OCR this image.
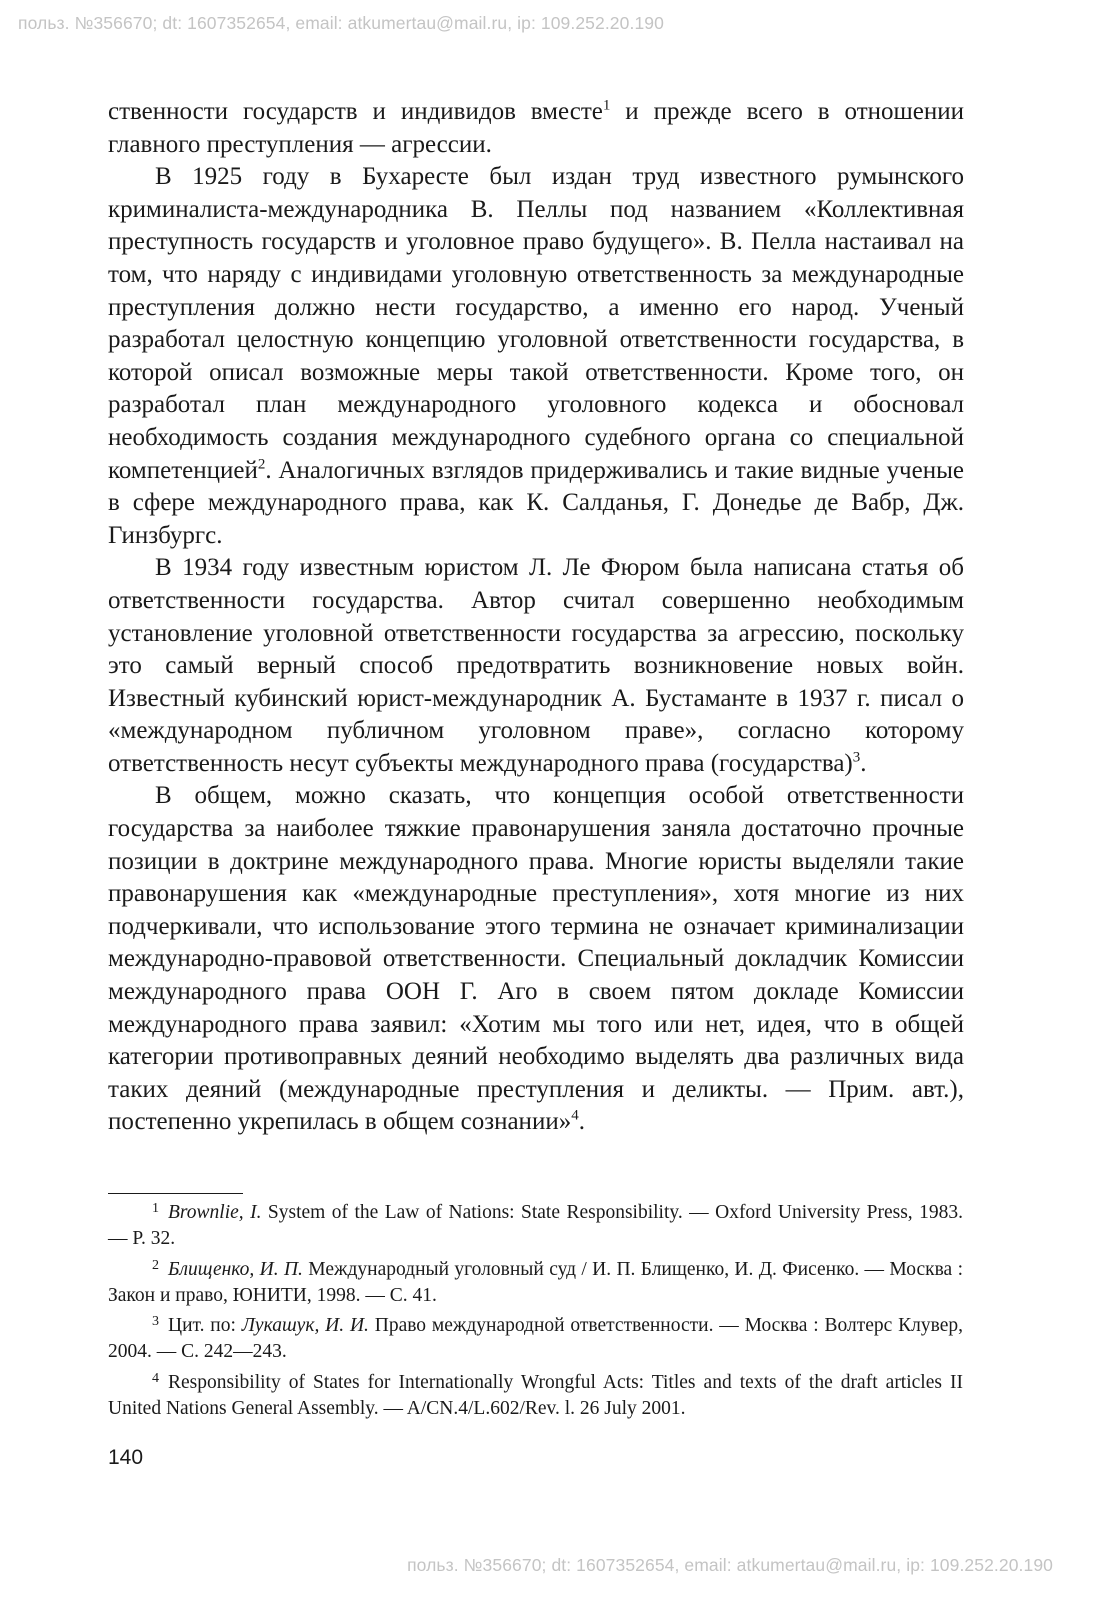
польз. №356670; dt: 1607352654, email: atkumertau@mail.ru, ip: 109.252.20.190

ственности государств и индивидов вместе$^1$ и прежде всего в отношении главного преступления — агрессии.

В 1925 году в Бухаресте был издан труд известного румынского криминалиста-международника В. Пеллы под названием «Коллективная преступность государств и уголовное право будущего». В. Пелла настаивал на том, что наряду с индивидами уголовную ответственность за международные преступления должно нести государство, а именно его народ. Ученый разработал целостную концепцию уголовной ответственности государства, в которой описал возможные меры такой ответственности. Кроме того, он разработал план международного уголовного кодекса и обосновал необходимость создания международного судебного органа со специальной компетенцией$^2$. Аналогичных взглядов придерживались и такие видные ученые в сфере международного права, как К. Салданья, Г. Донедье де Вабр, Дж. Гинзбургс.

В 1934 году известным юристом Л. Ле Фюром была написана статья об ответственности государства. Автор считал совершенно необходимым установление уголовной ответственности государства за агрессию, поскольку это самый верный способ предотвратить возникновение новых войн. Известный кубинский юрист-международник А. Бустаманте в 1937 г. писал о «международном публичном уголовном праве», согласно которому ответственность несут субъекты международного права (государства)$^3$.

В общем, можно сказать, что концепция особой ответственности государства за наиболее тяжкие правонарушения заняла достаточно прочные позиции в доктрине международного права. Многие юристы выделяли такие правонарушения как «международные преступления», хотя многие из них подчеркивали, что использование этого термина не означает криминализации международно-правовой ответственности. Специальный докладчик Комиссии международного права ООН Г. Аго в своем пятом докладе Комиссии международного права заявил: «Хотим мы того или нет, идея, что в общей категории противоправных деяний необходимо выделять два различных вида таких деяний (международные преступления и деликты. — Прим. авт.), постепенно укрепилась в общем сознании»$^4$.

1 Brownlie, I. System of the Law of Nations: State Responsibility. — Oxford University Press, 1983. — P. 32.

2 Блищенко, И. П. Международный уголовный суд / И. П. Блищенко, И. Д. Фисенко. — Москва : Закон и право, ЮНИТИ, 1998. — С. 41.

3 Цит. по: Лукашук, И. И. Право международной ответственности. — Москва : Волтерс Клувер, 2004. — С. 242—243.

4 Responsibility of States for Internationally Wrongful Acts: Titles and texts of the draft articles II United Nations General Assembly. — A/CN.4/L.602/Rev. l. 26 July 2001.

140
польз. №356670; dt: 1607352654, email: atkumertau@mail.ru, ip: 109.252.20.190
